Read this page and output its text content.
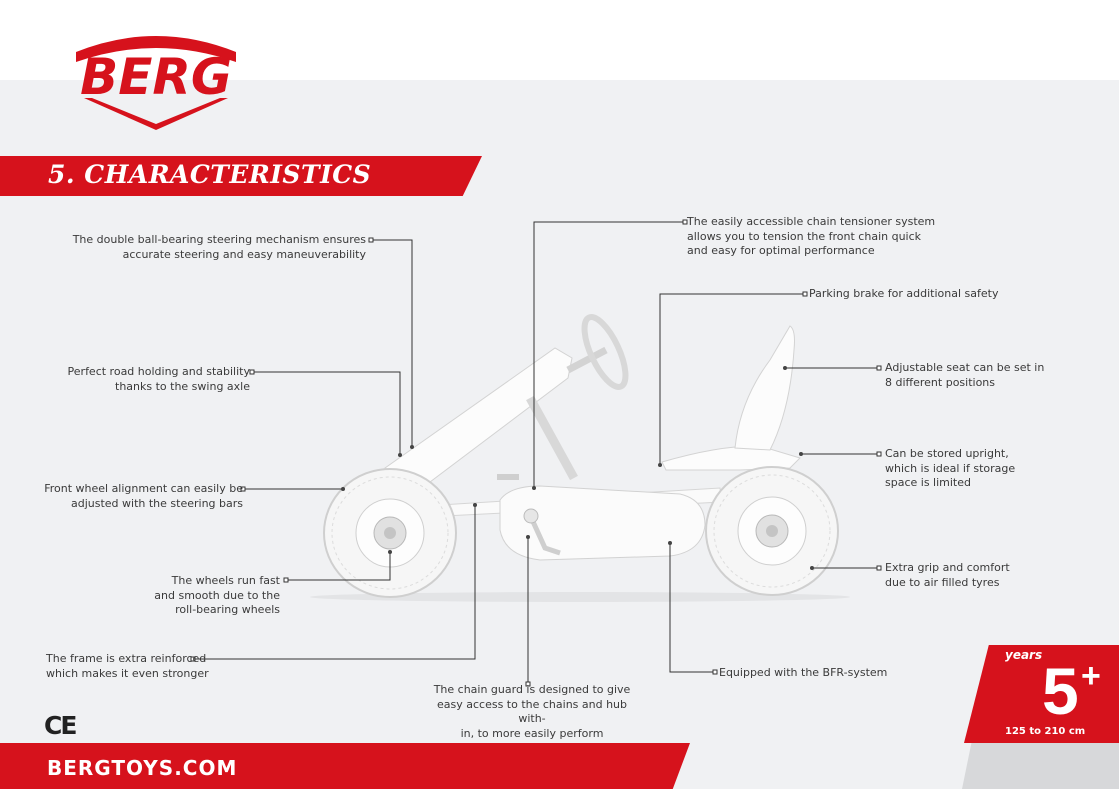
BERG
5. CHARACTERISTICS
The double ball-bearing steering mechanism ensures
accurate steering and easy maneuverability
Perfect road holding and stability
thanks to the swing axle
Front wheel alignment can easily be
adjusted with the steering bars
The wheels run fast
and smooth due to the
roll-bearing wheels
The frame is extra reinforced
which makes it even stronger
The easily accessible chain tensioner system
allows you to tension the front chain quick
and easy for optimal performance
Parking brake for additional safety
Adjustable seat can be set in
8 different positions
Can be stored upright,
which is ideal if storage
space is limited
Extra grip and comfort
due to air filled tyres
Equipped with the BFR-system
The chain guard is designed to give
easy access to the chains and hub with-
in, to more easily perform
CE
BERGTOYS.COM
years 5 +
125 to 210 cm
